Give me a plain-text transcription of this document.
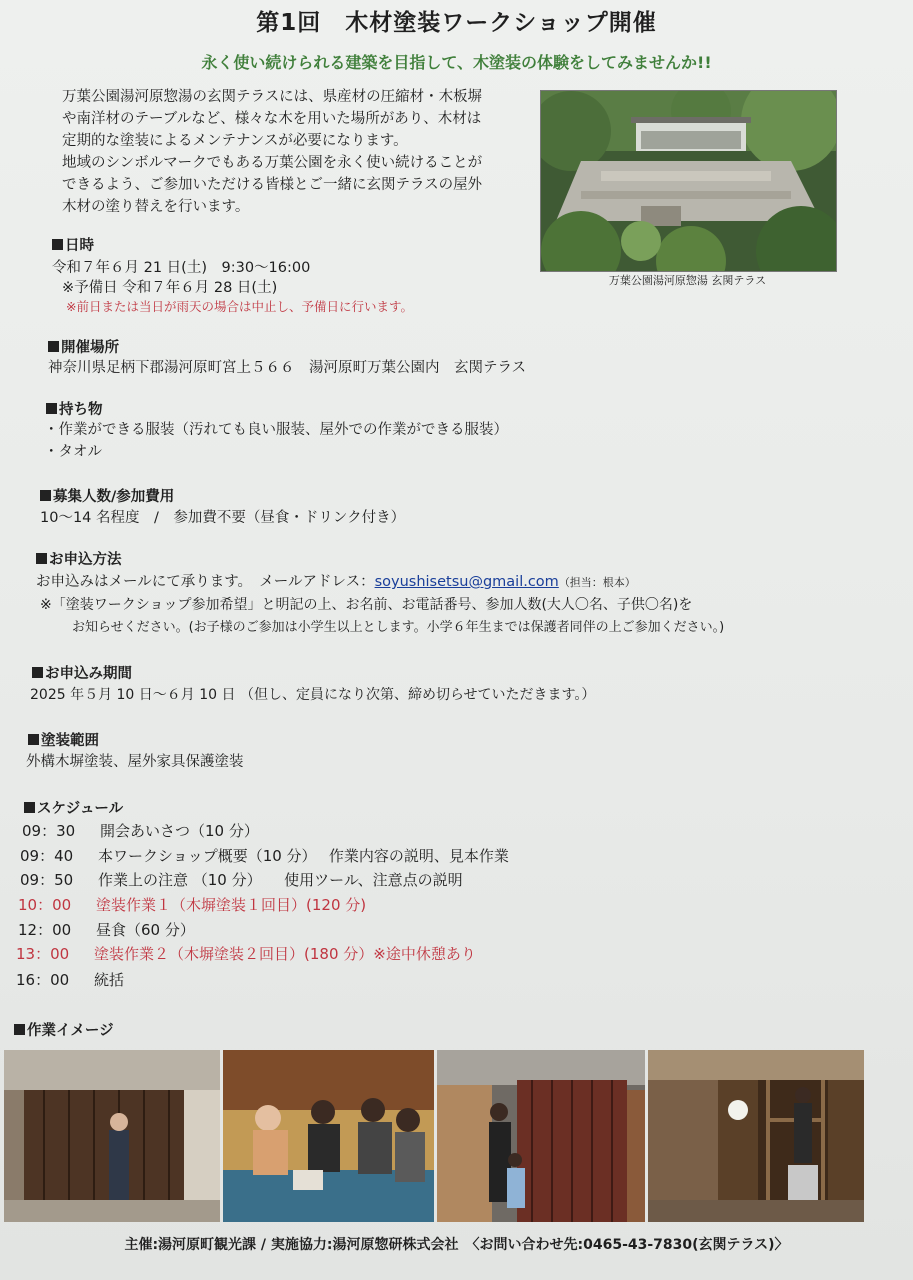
第1回　木材塗装ワークショップ開催
永く使い続けられる建築を目指して、木塗装の体験をしてみませんか!!
万葉公園湯河原惣湯の玄関テラスには、県産材の圧縮材・木板塀
や南洋材のテーブルなど、様々な木を用いた場所があり、木材は
定期的な塗装によるメンテナンスが必要になります。
地域のシンボルマークでもある万葉公園を永く使い続けることが
できるよう、ご参加いただける皆様とご一緒に玄関テラスの屋外
木材の塗り替えを行います。
万葉公園湯河原惣湯 玄関テラス
日時
令和７年６月 21 日(土)　9:30〜16:00
※予備日 令和７年６月 28 日(土)
※前日または当日が雨天の場合は中止し、予備日に行います。
開催場所
神奈川県足柄下郡湯河原町宮上５６６　湯河原町万葉公園内　玄関テラス
持ち物
・作業ができる服装（汚れても良い服装、屋外での作業ができる服装）
・タオル
募集人数/参加費用
10〜14 名程度　/　参加費不要（昼食・ドリンク付き）
お申込方法
お申込みはメールにて承ります。　メールアドレス：soyushisetsu@gmail.com（担当：根本）
※「塗装ワークショップ参加希望」と明記の上、お名前、お電話番号、参加人数(大人〇名、子供〇名)を
お知らせください。(お子様のご参加は小学生以上とします。小学６年生までは保護者同伴の上ご参加ください。)
お申込み期間
2025 年５月 10 日〜６月 10 日 （但し、定員になり次第、締め切らせていただきます。）
塗装範囲
外構木塀塗装、屋外家具保護塗装
スケジュール
09：30 開会あいさつ（10 分）
09：40 本ワークショップ概要（10 分）　 作業内容の説明、見本作業
09：50 作業上の注意 （10 分）　　使用ツール、注意点の説明
10：00 塗装作業１（木塀塗装１回目）(120 分)
12：00 昼食（60 分）
13：00 塗装作業２（木塀塗装２回目）(180 分）※途中休憩あり
16：00 統括
作業イメージ
主催:湯河原町観光課 / 実施協力:湯河原惣研株式会社　〈お問い合わせ先:0465-43-7830(玄関テラス)〉
